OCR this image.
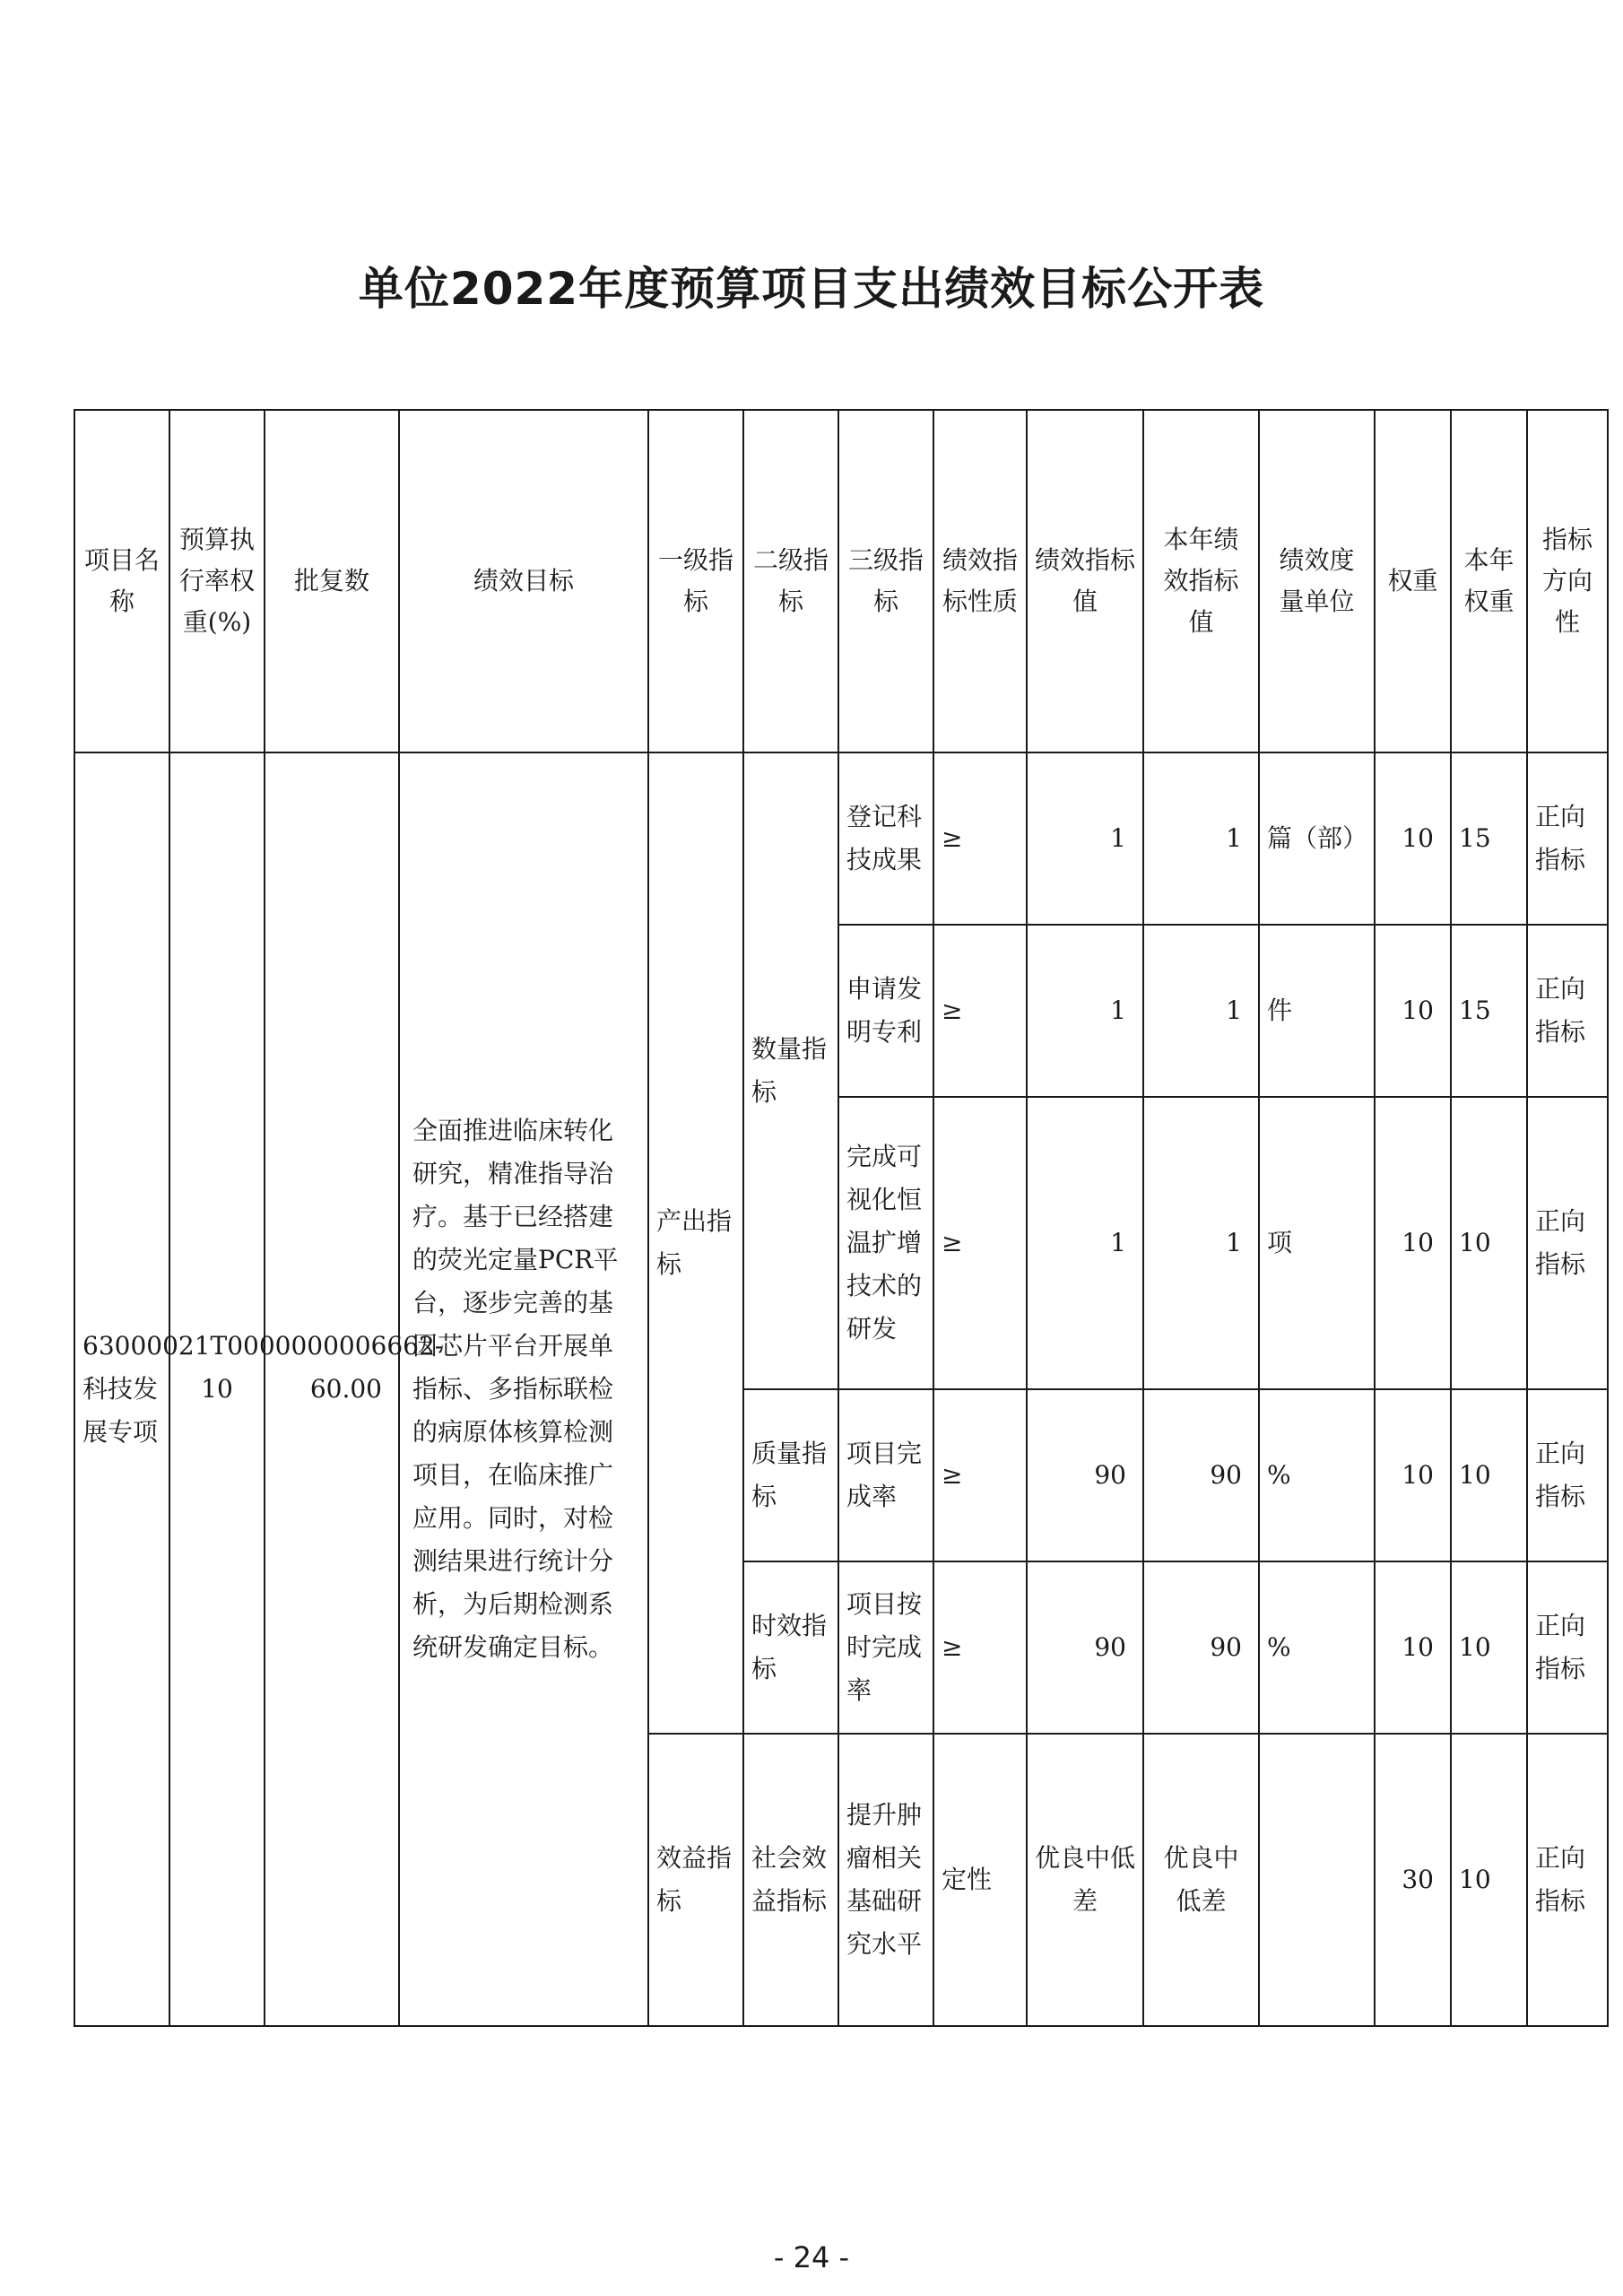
单位2022年度预算项目支出绩效目标公开表
项目名称	预算执行率权重(%)	批复数	绩效目标	一级指标	二级指标	三级指标	绩效指标性质	绩效指标值	本年绩效指标值	绩效度量单位	权重	本年权重	指标方向性
63000021T0000000006662-科技发展专项	10	60.00	全面推进临床转化研究，精准指导治疗。基于已经搭建的荧光定量PCR平台，逐步完善的基因芯片平台开展单指标、多指标联检的病原体核算检测项目，在临床推广应用。同时，对检测结果进行统计分析，为后期检测系统研发确定目标。	产出指标	数量指标	登记科技成果	≥	1	1	篇（部）	10	15	正向指标
						申请发明专利	≥	1	1	件	10	15	正向指标
						完成可视化恒温扩增技术的研发	≥	1	1	项	10	10	正向指标
					质量指标	项目完成率	≥	90	90	%	10	10	正向指标
					时效指标	项目按时完成率	≥	90	90	%	10	10	正向指标
				效益指标	社会效益指标	提升肿瘤相关基础研究水平	定性	优良中低差	优良中低差		30	10	正向指标
- 24 -
